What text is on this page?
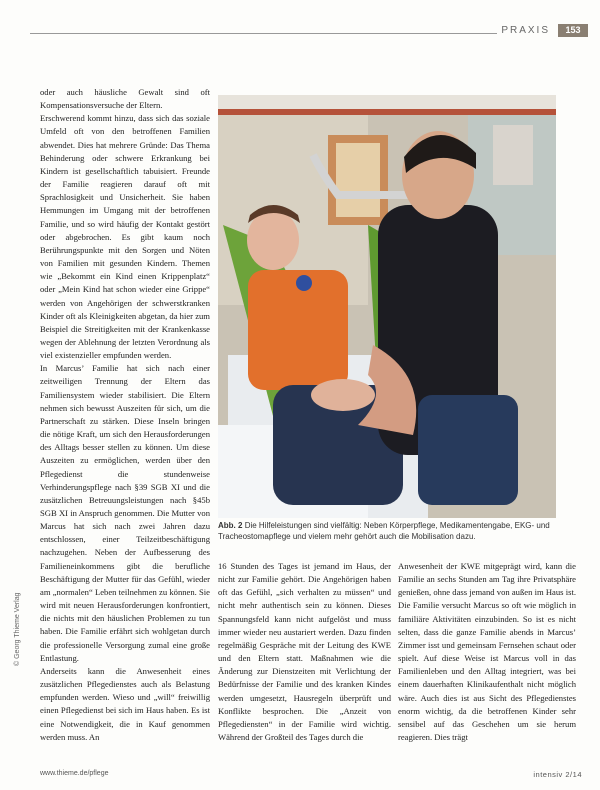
PRAXIS	153
oder auch häusliche Gewalt sind oft Kompensationsversuche der Eltern.
Erschwerend kommt hinzu, dass sich das soziale Umfeld oft von den betroffenen Familien abwendet. Dies hat mehrere Gründe: Das Thema Behinderung oder schwere Erkrankung bei Kindern ist gesellschaftlich tabuisiert. Freunde der Familie reagieren darauf oft mit Sprachlosigkeit und Unsicherheit. Sie haben Hemmungen im Umgang mit der betroffenen Familie, und so wird häufig der Kontakt gestört oder abgebrochen. Es gibt kaum noch Berührungspunkte mit den Sorgen und Nöten von Familien mit gesunden Kindern. Themen wie „Bekommt ein Kind einen Krippenplatz“ oder „Mein Kind hat schon wieder eine Grippe“ werden von Angehörigen der schwerstkranken Kinder oft als Kleinigkeiten abgetan, da hier zum Beispiel die Streitigkeiten mit der Krankenkasse wegen der Ablehnung der letzten Verordnung als viel existenzieller empfunden werden.
In Marcus’ Familie hat sich nach einer zeitweiligen Trennung der Eltern das Familiensystem wieder stabilisiert. Die Eltern nehmen sich bewusst Auszeiten für sich, um die Partnerschaft zu stärken. Diese Inseln bringen die nötige Kraft, um sich den Herausforderungen des Alltags besser stellen zu können. Um diese Auszeiten zu ermöglichen, werden über den Pflegedienst die stundenweise Verhinderungspflege nach §39 SGB XI und die zusätzlichen Betreuungsleistungen nach §45b SGB XI in Anspruch genommen. Die Mutter von Marcus hat sich nach zwei Jahren dazu entschlossen, einer Teilzeitbeschäftigung nachzugehen. Neben der Aufbesserung des Familieneinkommens gibt die berufliche Beschäftigung der Mutter für das Gefühl, wieder am „normalen“ Leben teilnehmen zu können. Sie wird mit neuen Herausforderungen konfrontiert, die nichts mit den häuslichen Problemen zu tun haben. Die Familie erfährt sich wohlgetan durch die professionelle Versorgung zumal eine große Entlastung.
Anderseits kann die Anwesenheit eines zusätzlichen Pflegedienstes auch als Belastung empfunden werden. Wieso und „will“ freiwillig einen Pflegedienst bei sich im Haus haben. Es ist eine Notwendigkeit, die in Kauf genommen werden muss. An
Abb. 2 Die Hilfeleistungen sind vielfältig: Neben Körperpflege, Medikamentengabe, EKG- und Tracheostomapflege und vielem mehr gehört auch die Mobilisation dazu.
16 Stunden des Tages ist jemand im Haus, der nicht zur Familie gehört. Die Angehörigen haben oft das Gefühl, „sich verhalten zu müssen“ und nicht mehr authentisch sein zu können. Dieses Spannungsfeld kann nicht aufgelöst und muss immer wieder neu austariert werden. Dazu finden regelmäßig Gespräche mit der Leitung des KWE und den Eltern statt. Maßnahmen wie die Änderung zur Dienstzeiten mit Verlichtung der Bedürfnisse der Familie und des kranken Kindes werden umgesetzt, Hausregeln überprüft und Konflikte besprochen. Die „Anzeit von Pflegediensten“ in der Familie wird wichtig. Während der Großteil des Tages durch die
Anwesenheit der KWE mitgeprägt wird, kann die Familie an sechs Stunden am Tag ihre Privatsphäre genießen, ohne dass jemand von außen im Haus ist. Die Familie versucht Marcus so oft wie möglich in familiäre Aktivitäten einzubinden. So ist es nicht selten, dass die ganze Familie abends in Marcus’ Zimmer isst und gemeinsam Fernsehen schaut oder spielt. Auf diese Weise ist Marcus voll in das Familienleben und den Alltag integriert, was bei einem dauerhaften Klinikaufenthalt nicht möglich wäre. Auch dies ist aus Sicht des Pflegedienstes enorm wichtig, da die betroffenen Kinder sehr sensibel auf das Geschehen um sie herum reagieren. Dies trägt
© Georg Thieme Verlag
www.thieme.de/pflege	intensiv 2/14
